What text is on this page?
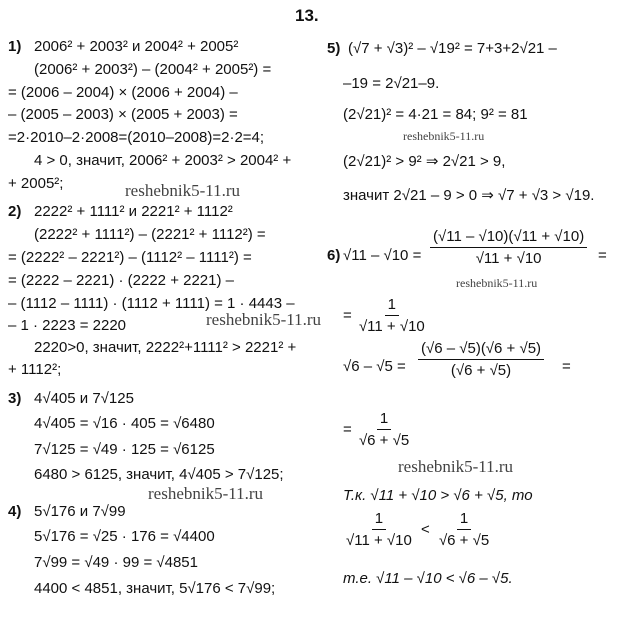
13.
1) 2006² + 2003² и 2004² + 2005²
(2006² + 2003²) – (2004² + 2005²) =
= (2006 – 2004) × (2006 + 2004) –
– (2005 – 2003) × (2005 + 2003) =
=2·2010–2·2008=(2010–2008)=2·2=4;
4 > 0, значит, 2006² + 2003² > 2004² +
+ 2005²;	reshebnik5-11.ru
2) 2222² + 1111² и 2221² + 1112²
(2222² + 1111²) – (2221² + 1112²) =
= (2222² – 2221²) – (1112² – 1111²) =
= (2222 – 2221) · (2222 + 2221) –
– (1112 – 1111) · (1112 + 1111) = 1 · 4443 –
– 1 · 2223 = 2220
2220>0, значит, 2222²+1111² > 2221² +
+ 1112²;
reshebnik5-11.ru
3) 4√405 и 7√125
4√405 = √16 · 405 = √6480
7√125 = √49 · 125 = √6125
6480 > 6125, значит, 4√405 > 7√125;
reshebnik5-11.ru
4) 5√176 и 7√99
5√176 = √25 · 176 = √4400
7√99 = √49 · 99 = √4851
4400 < 4851, значит, 5√176 < 7√99;
5) (√7 + √3)² – √19² = 7+3+2√21 –
–19 = 2√21–9.
(2√21)² = 4·21 = 84; 9² = 81
(2√21)² > 9² ⇒ 2√21 > 9,
значит 2√21 – 9 > 0 ⇒ √7 + √3 > √19.
reshebnik5-11.ru
6) $√11 - √10 = \frac{(√11 - √10)(√11 + √10)}{√11 + √10}$ =
reshebnik5-11.ru
= $\frac{1}{√11 + √10}$
$√6 - √5 = \frac{(√6 - √5)(√6 + √5)}{(√6 + √5)}$ =
= $\frac{1}{√6 + √5}$
reshebnik5-11.ru
Т.к. √11 + √10 > √6 + √5, то
$\frac{1}{√11 + √10} < \frac{1}{√6 + √5}$
т.е. √11 – √10 < √6 – √5.
